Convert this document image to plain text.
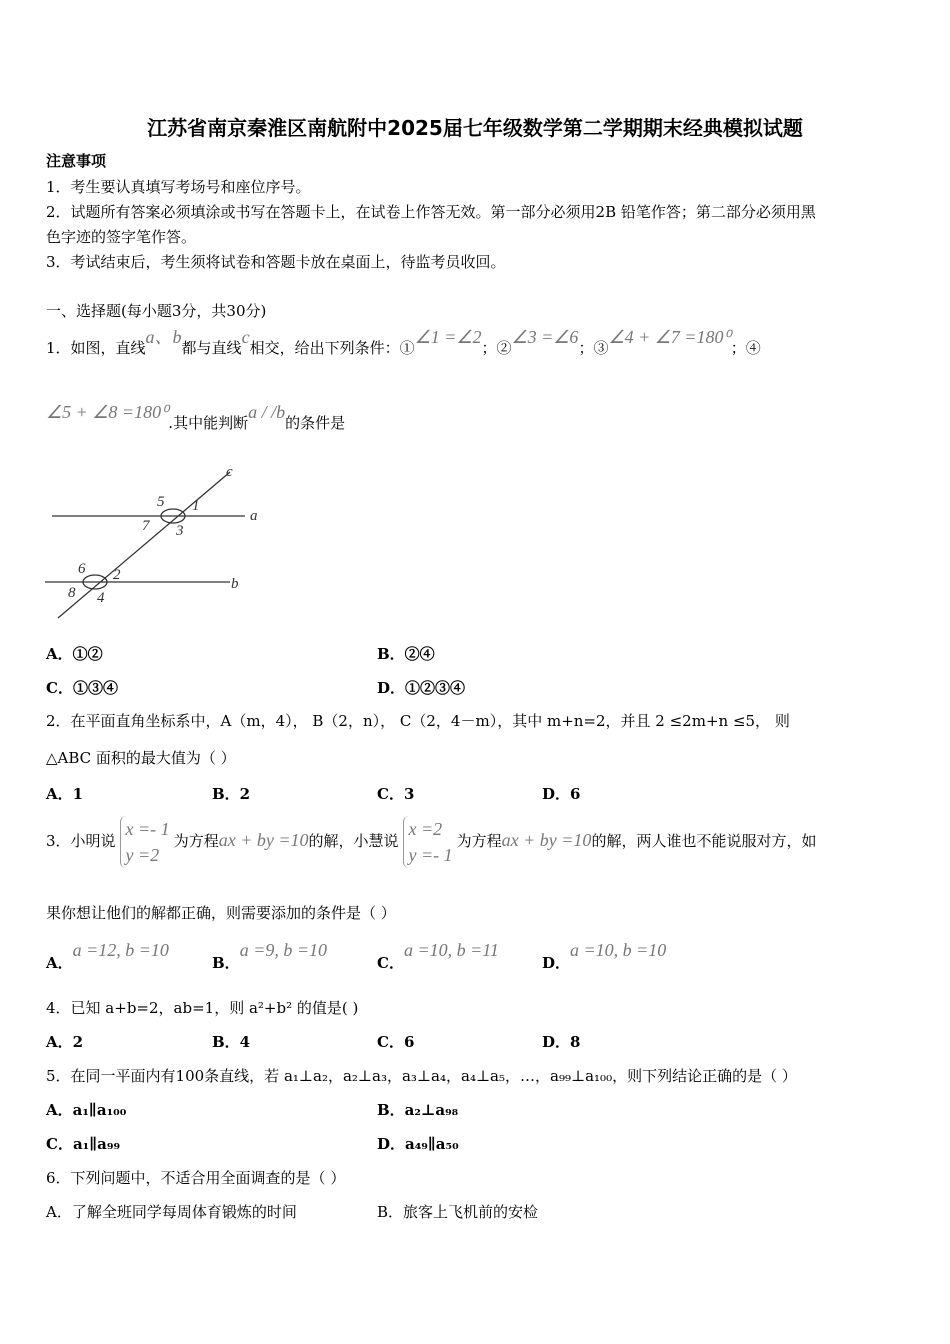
江苏省南京秦淮区南航附中2025届七年级数学第二学期期末经典模拟试题
注意事项
1．考生要认真填写考场号和座位序号。
2．试题所有答案必须填涂或书写在答题卡上，在试卷上作答无效。第一部分必须用2B 铅笔作答；第二部分必须用黑
色字迹的签字笔作答。
3．考试结束后，考生须将试卷和答题卡放在桌面上，待监考员收回。
一、选择题(每小题3分，共30分)
1．如图，直线a、b都与直线c相交，给出下列条件：①∠1 =∠2；②∠3 =∠6；③∠4 + ∠7 =180⁰；④
∠5 + ∠8 =180⁰.其中能判断a / /b的条件是
c
5 1
a
7 3
6 2
b
8 4
A．①②	B．②④
C．①③④	D．①②③④
2．在平面直角坐标系中，A（m，4）， B（2，n）， C（2，4－m），其中 m+n=2，并且 2 ≤2m+n ≤5， 则
△ABC 面积的最大值为（ ）
A．1	B．2	C．3	D．6
3．小明说
x =- 1
y =2
为方程ax + by =10的解，小慧说
x =2
y =- 1
为方程ax + by =10的解，两人谁也不能说服对方，如
果你想让他们的解都正确，则需要添加的条件是（ ）
A．a =12, b =10
B．a =9, b =10
C．a =10, b =11
D．a =10, b =10
4．已知 a+b=2，ab=1，则 a²+b² 的值是( )
A．2	B．4	C．6	D．8
5．在同一平面内有100条直线，若 a₁⊥a₂，a₂⊥a₃，a₃⊥a₄，a₄⊥a₅，…，a₉₉⊥a₁₀₀，则下列结论正确的是（ ）
A．a₁∥a₁₀₀	B．a₂⊥a₉₈
C．a₁∥a₉₉	D．a₄₉∥a₅₀
6．下列问题中，不适合用全面调查的是（ ）
A．了解全班同学每周体育锻炼的时间	B．旅客上飞机前的安检
